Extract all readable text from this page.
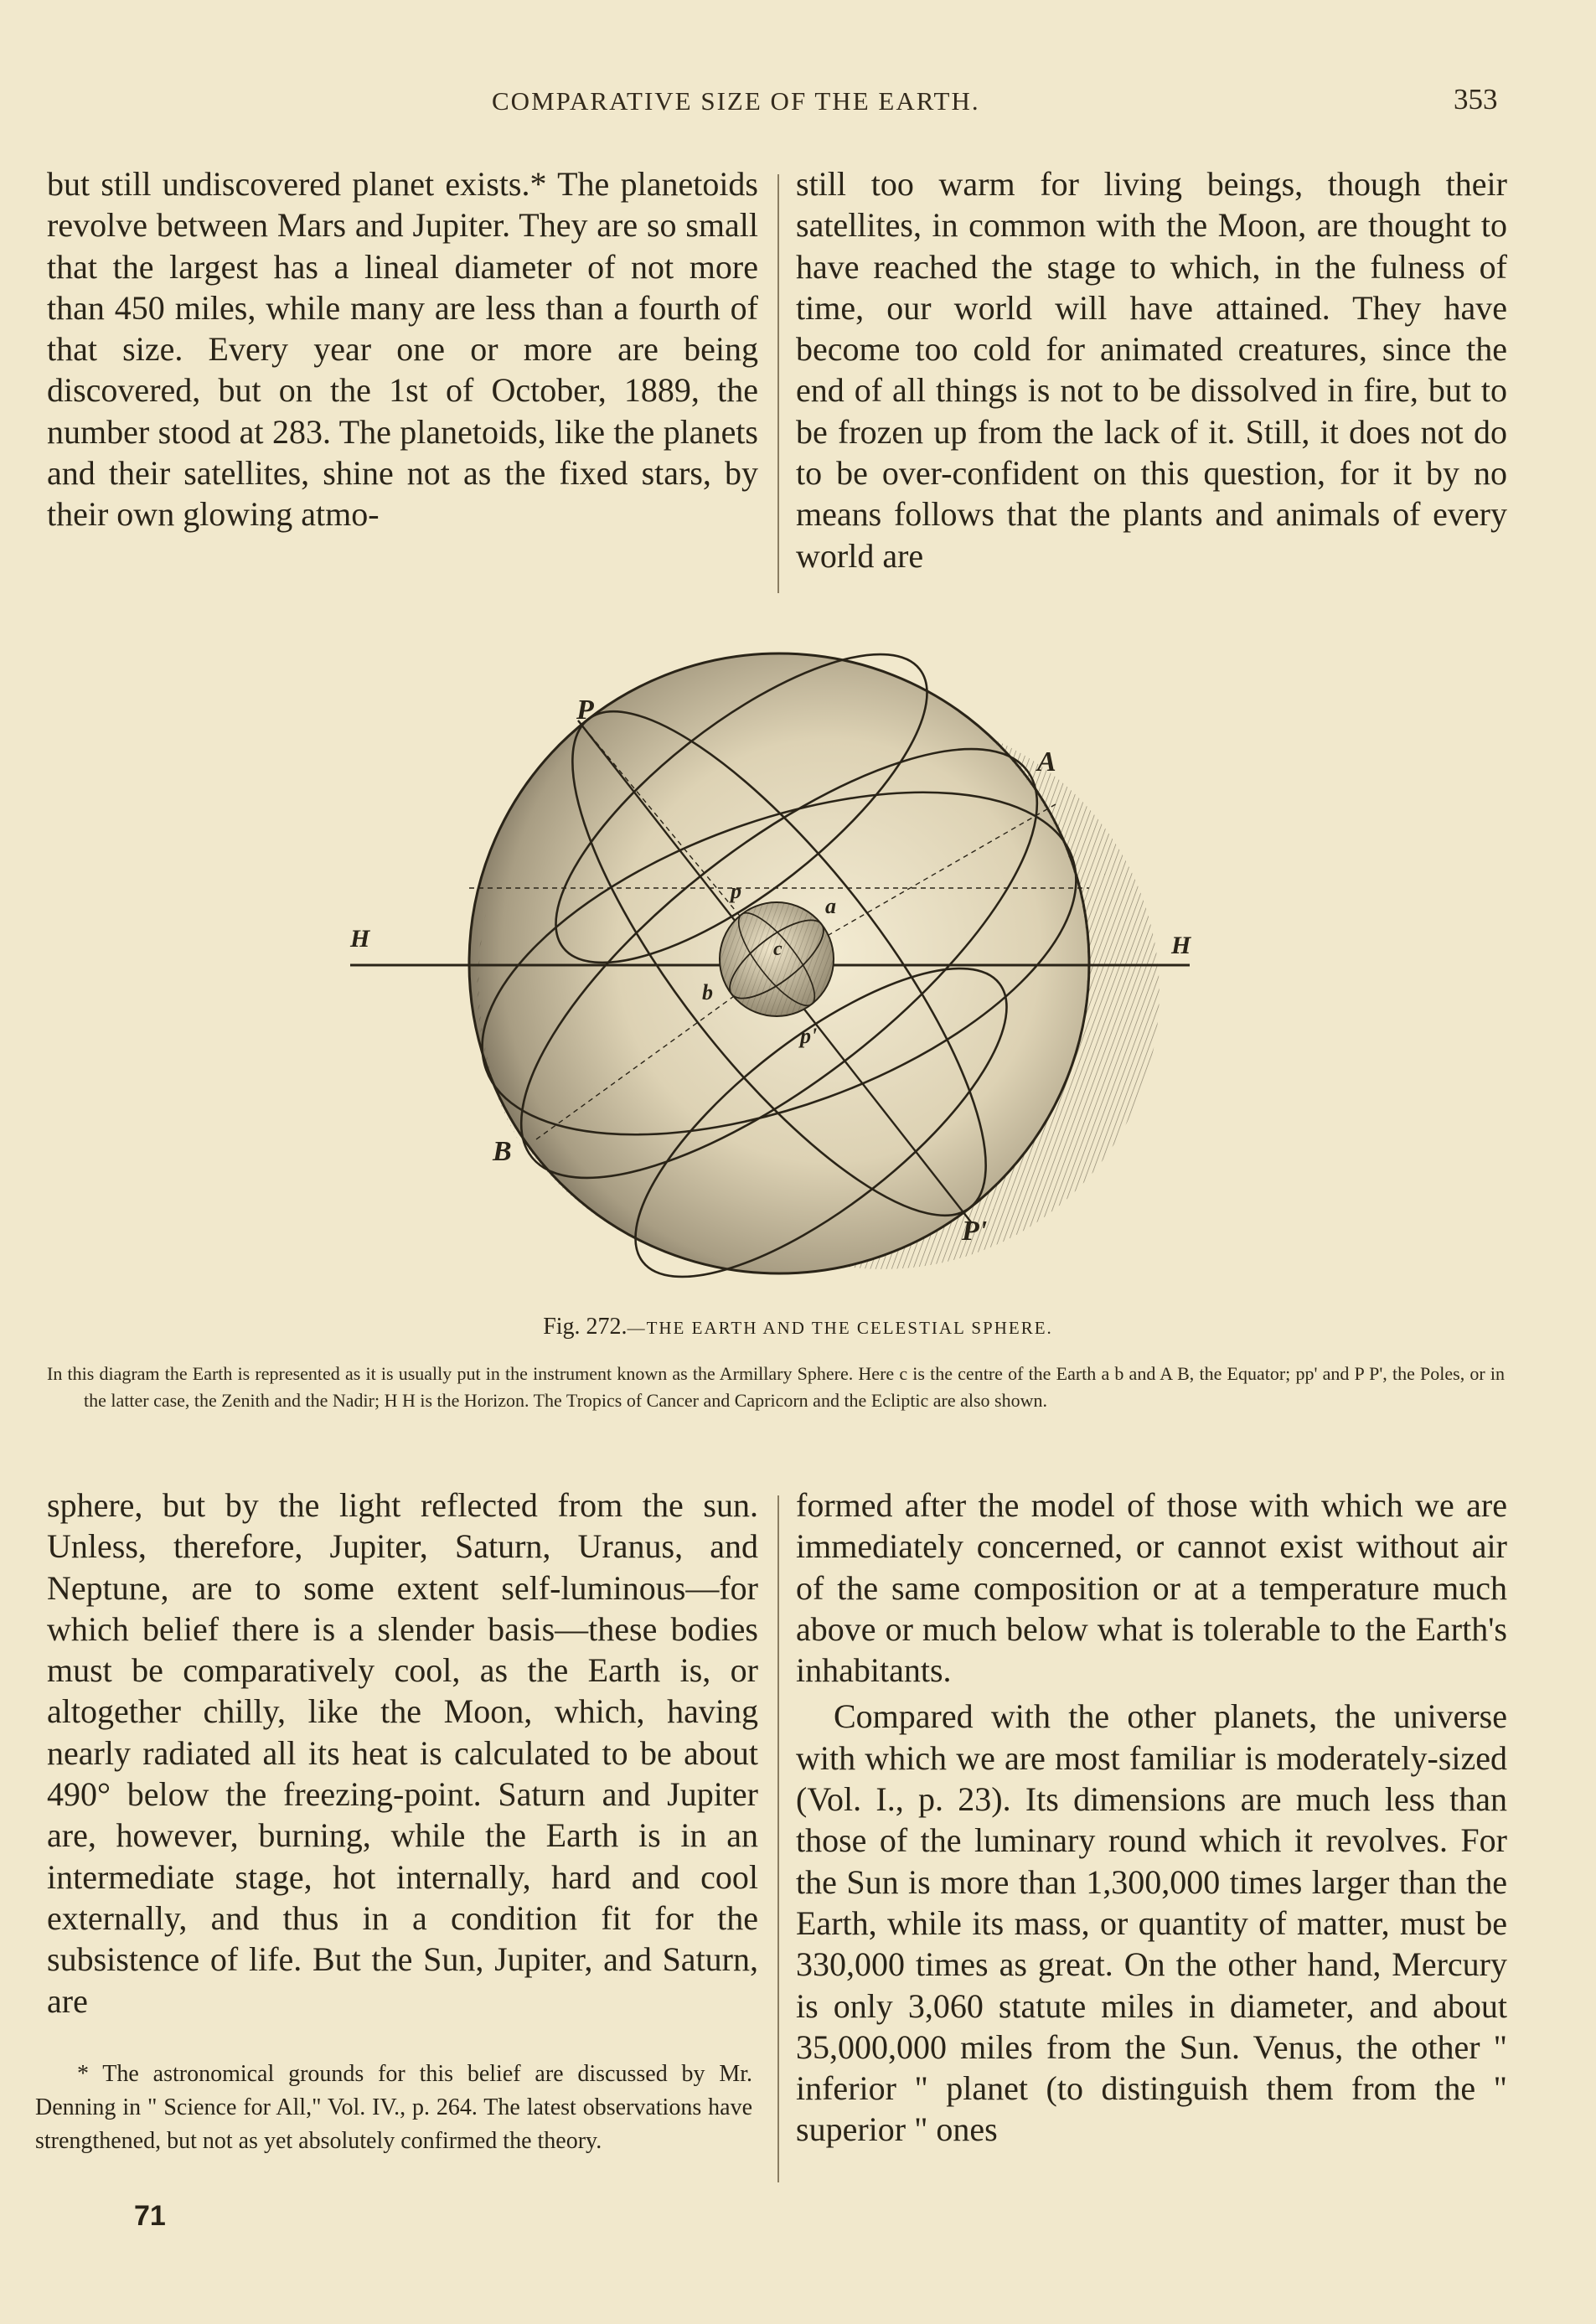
COMPARATIVE SIZE OF THE EARTH.	353

but still undiscovered planet exists.* The planetoids revolve between Mars and Jupiter. They are so small that the largest has a lineal diameter of not more than 450 miles, while many are less than a fourth of that size. Every year one or more are being discovered, but on the 1st of October, 1889, the number stood at 283. The planetoids, like the planets and their satellites, shine not as the fixed stars, by their own glowing atmo-

still too warm for living beings, though their satellites, in common with the Moon, are thought to have reached the stage to which, in the fulness of time, our world will have attained. They have become too cold for animated creatures, since the end of all things is not to be dissolved in fire, but to be frozen up from the lack of it. Still, it does not do to be over-confident on this question, for it by no means follows that the plants and animals of every world are

P
A
H	H
p
a
c
b
p'
B
P'
Fig. 272.—THE EARTH AND THE CELESTIAL SPHERE.

In this diagram the Earth is represented as it is usually put in the instrument known as the Armillary Sphere. Here c is the centre of the Earth a b and A B, the Equator; pp' and P P', the Poles, or in the latter case, the Zenith and the Nadir; H H is the Horizon. The Tropics of Cancer and Capricorn and the Ecliptic are also shown.

sphere, but by the light reflected from the sun. Unless, therefore, Jupiter, Saturn, Uranus, and Neptune, are to some extent self-luminous—for which belief there is a slender basis—these bodies must be comparatively cool, as the Earth is, or altogether chilly, like the Moon, which, having nearly radiated all its heat is calculated to be about 490° below the freezing-point. Saturn and Jupiter are, however, burning, while the Earth is in an intermediate stage, hot internally, hard and cool externally, and thus in a condition fit for the subsistence of life. But the Sun, Jupiter, and Saturn, are

formed after the model of those with which we are immediately concerned, or cannot exist without air of the same composition or at a temperature much above or much below what is tolerable to the Earth's inhabitants.

Compared with the other planets, the universe with which we are most familiar is moderately-sized (Vol. I., p. 23). Its dimensions are much less than those of the luminary round which it revolves. For the Sun is more than 1,300,000 times larger than the Earth, while its mass, or quantity of matter, must be 330,000 times as great. On the other hand, Mercury is only 3,060 statute miles in diameter, and about 35,000,000 miles from the Sun. Venus, the other " inferior " planet (to distinguish them from the " superior " ones

* The astronomical grounds for this belief are discussed by Mr. Denning in " Science for All," Vol. IV., p. 264. The latest observations have strengthened, but not as yet absolutely confirmed the theory.

71
